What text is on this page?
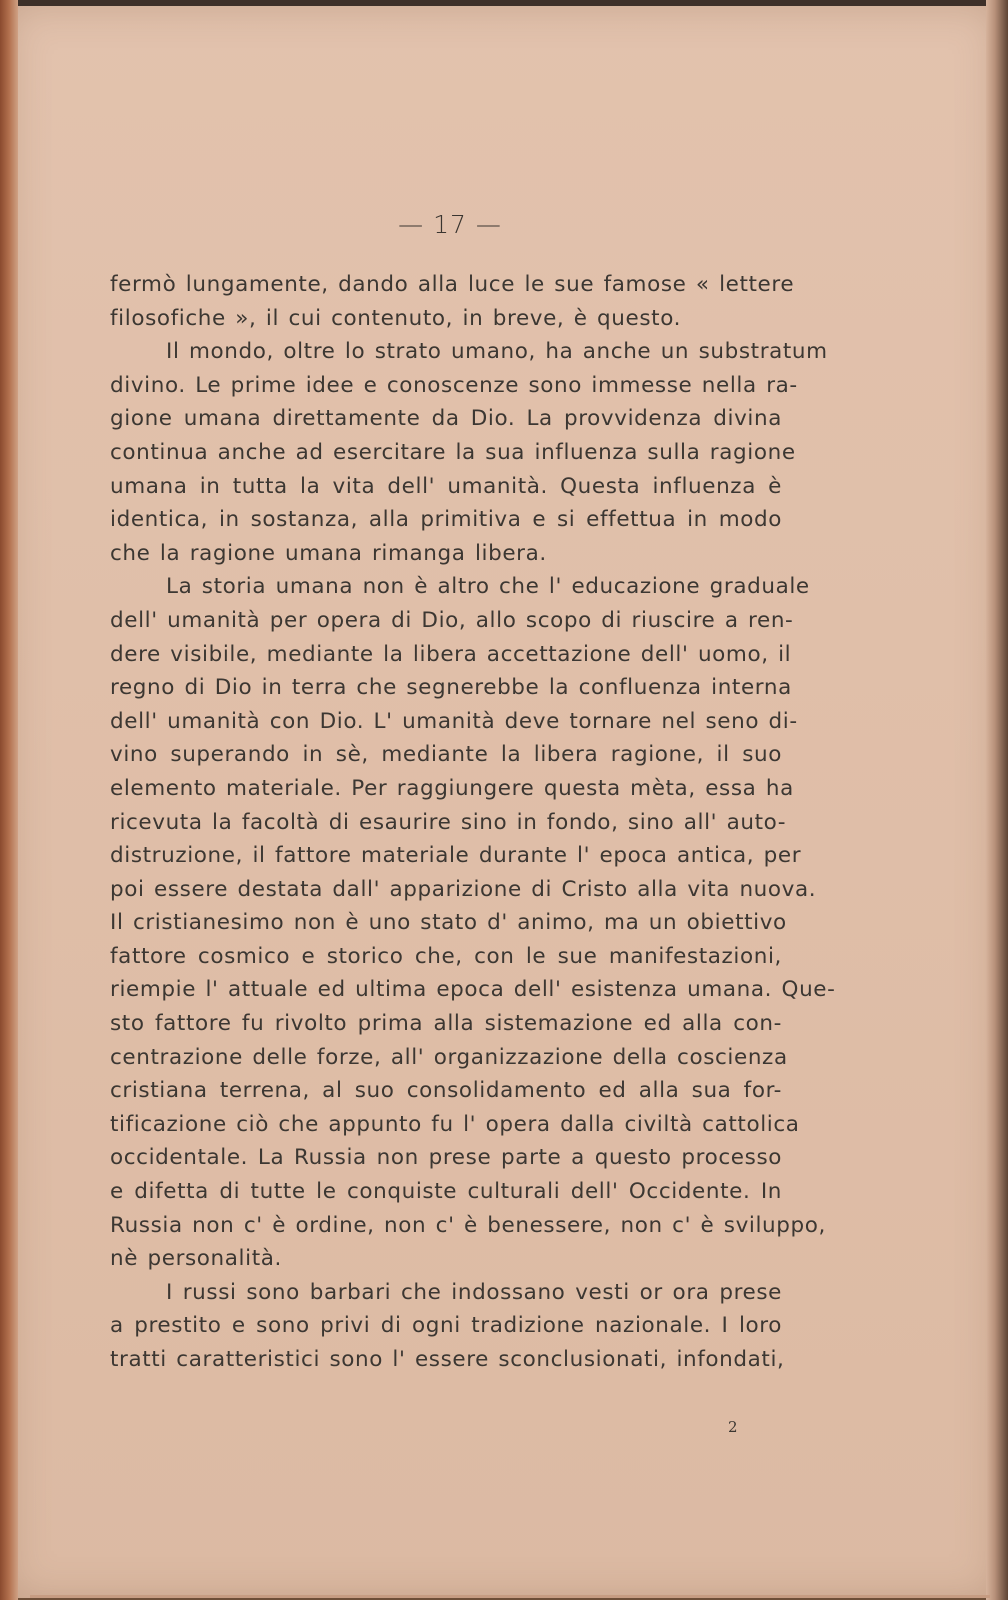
— 17 —
fermò lungamente, dando alla luce le sue famose « lettere
filosofiche », il cui contenuto, in breve, è questo.
Il mondo, oltre lo strato umano, ha anche un substratum
divino. Le prime idee e conoscenze sono immesse nella ra-
gione umana direttamente da Dio. La provvidenza divina
continua anche ad esercitare la sua influenza sulla ragione
umana in tutta la vita dell' umanità. Questa influenza è
identica, in sostanza, alla primitiva e si effettua in modo
che la ragione umana rimanga libera.
La storia umana non è altro che l' educazione graduale
dell' umanità per opera di Dio, allo scopo di riuscire a ren-
dere visibile, mediante la libera accettazione dell' uomo, il
regno di Dio in terra che segnerebbe la confluenza interna
dell' umanità con Dio. L' umanità deve tornare nel seno di-
vino superando in sè, mediante la libera ragione, il suo
elemento materiale. Per raggiungere questa mèta, essa ha
ricevuta la facoltà di esaurire sino in fondo, sino all' auto-
distruzione, il fattore materiale durante l' epoca antica, per
poi essere destata dall' apparizione di Cristo alla vita nuova.
Il cristianesimo non è uno stato d' animo, ma un obiettivo
fattore cosmico e storico che, con le sue manifestazioni,
riempie l' attuale ed ultima epoca dell' esistenza umana. Que-
sto fattore fu rivolto prima alla sistemazione ed alla con-
centrazione delle forze, all' organizzazione della coscienza
cristiana terrena, al suo consolidamento ed alla sua for-
tificazione ciò che appunto fu l' opera dalla civiltà cattolica
occidentale. La Russia non prese parte a questo processo
e difetta di tutte le conquiste culturali dell' Occidente. In
Russia non c' è ordine, non c' è benessere, non c' è sviluppo,
nè personalità.
I russi sono barbari che indossano vesti or ora prese
a prestito e sono privi di ogni tradizione nazionale. I loro
tratti caratteristici sono l' essere sconclusionati, infondati,
2
